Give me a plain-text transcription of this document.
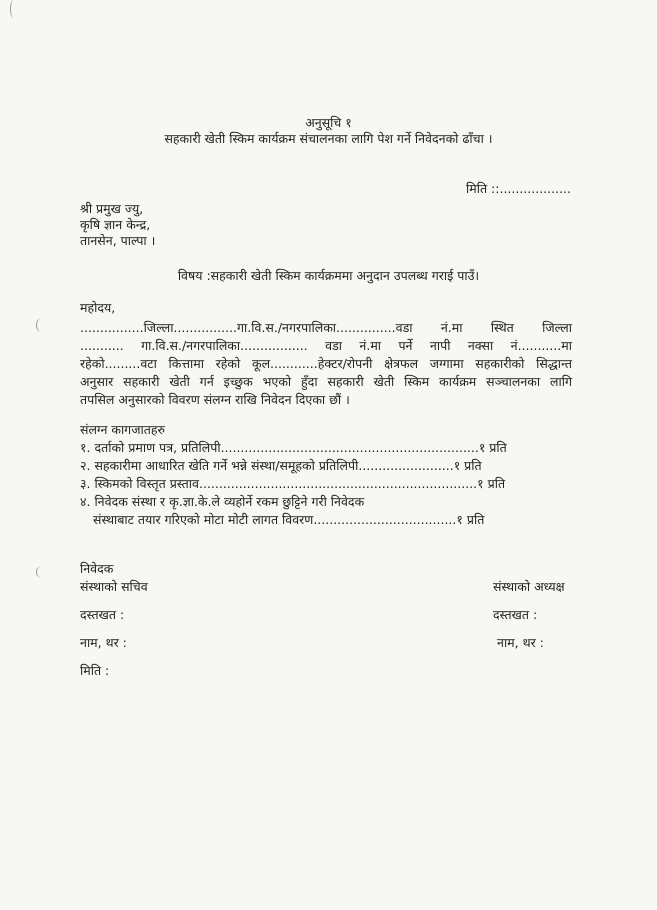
अनुसूचि १
सहकारी खेती स्किम कार्यक्रम संचालनका लागि पेश गर्ने निवेदनको ढाँचा ।
मिति ::..................
श्री प्रमुख ज्यु,
कृषि ज्ञान केन्द्र,
तानसेन, पाल्पा ।
विषय :सहकारी खेती स्किम कार्यक्रममा अनुदान उपलब्ध गराई पाउँ।
महोदय,
................जिल्ला................गा.वि.स./नगरपालिका...............वडा नं.मा स्थित जिल्ला
........... गा.वि.स./नगरपालिका................. वडा नं.मा पर्ने नापी नक्सा नं...........मा
रहेको.........वटा कित्तामा रहेको कूल............हेक्टर/रोपनी क्षेत्रफल जग्गामा सहकारीको सिद्धान्त
अनुसार सहकारी खेती गर्न इच्छुक भएको हुँदा सहकारी खेती स्किम कार्यक्रम सञ्चालनका लागि
तपसिल अनुसारको विवरण संलग्न राखि निवेदन दिएका छौं ।
संलग्न कागजातहरु
१. दर्ताको प्रमाण पत्र, प्रतिलिपी.................................................................१ प्रति
२. सहकारीमा आधारित खेति गर्ने भन्ने संस्था/समूहको प्रतिलिपी........................१ प्रति
३. स्किमको विस्तृत प्रस्ताव......................................................................१ प्रति
४. निवेदक संस्था र कृ.ज्ञा.के.ले व्यहोर्ने रकम छुट्टिने गरी निवेदक
संस्थाबाट तयार गरिएको मोटा मोटी लागत विवरण....................................१ प्रति
निवेदक
संस्थाको सचिव	संस्थाको अध्यक्ष
दस्तखत :	दस्तखत :
नाम, थर :	नाम, थर :
मिति :
